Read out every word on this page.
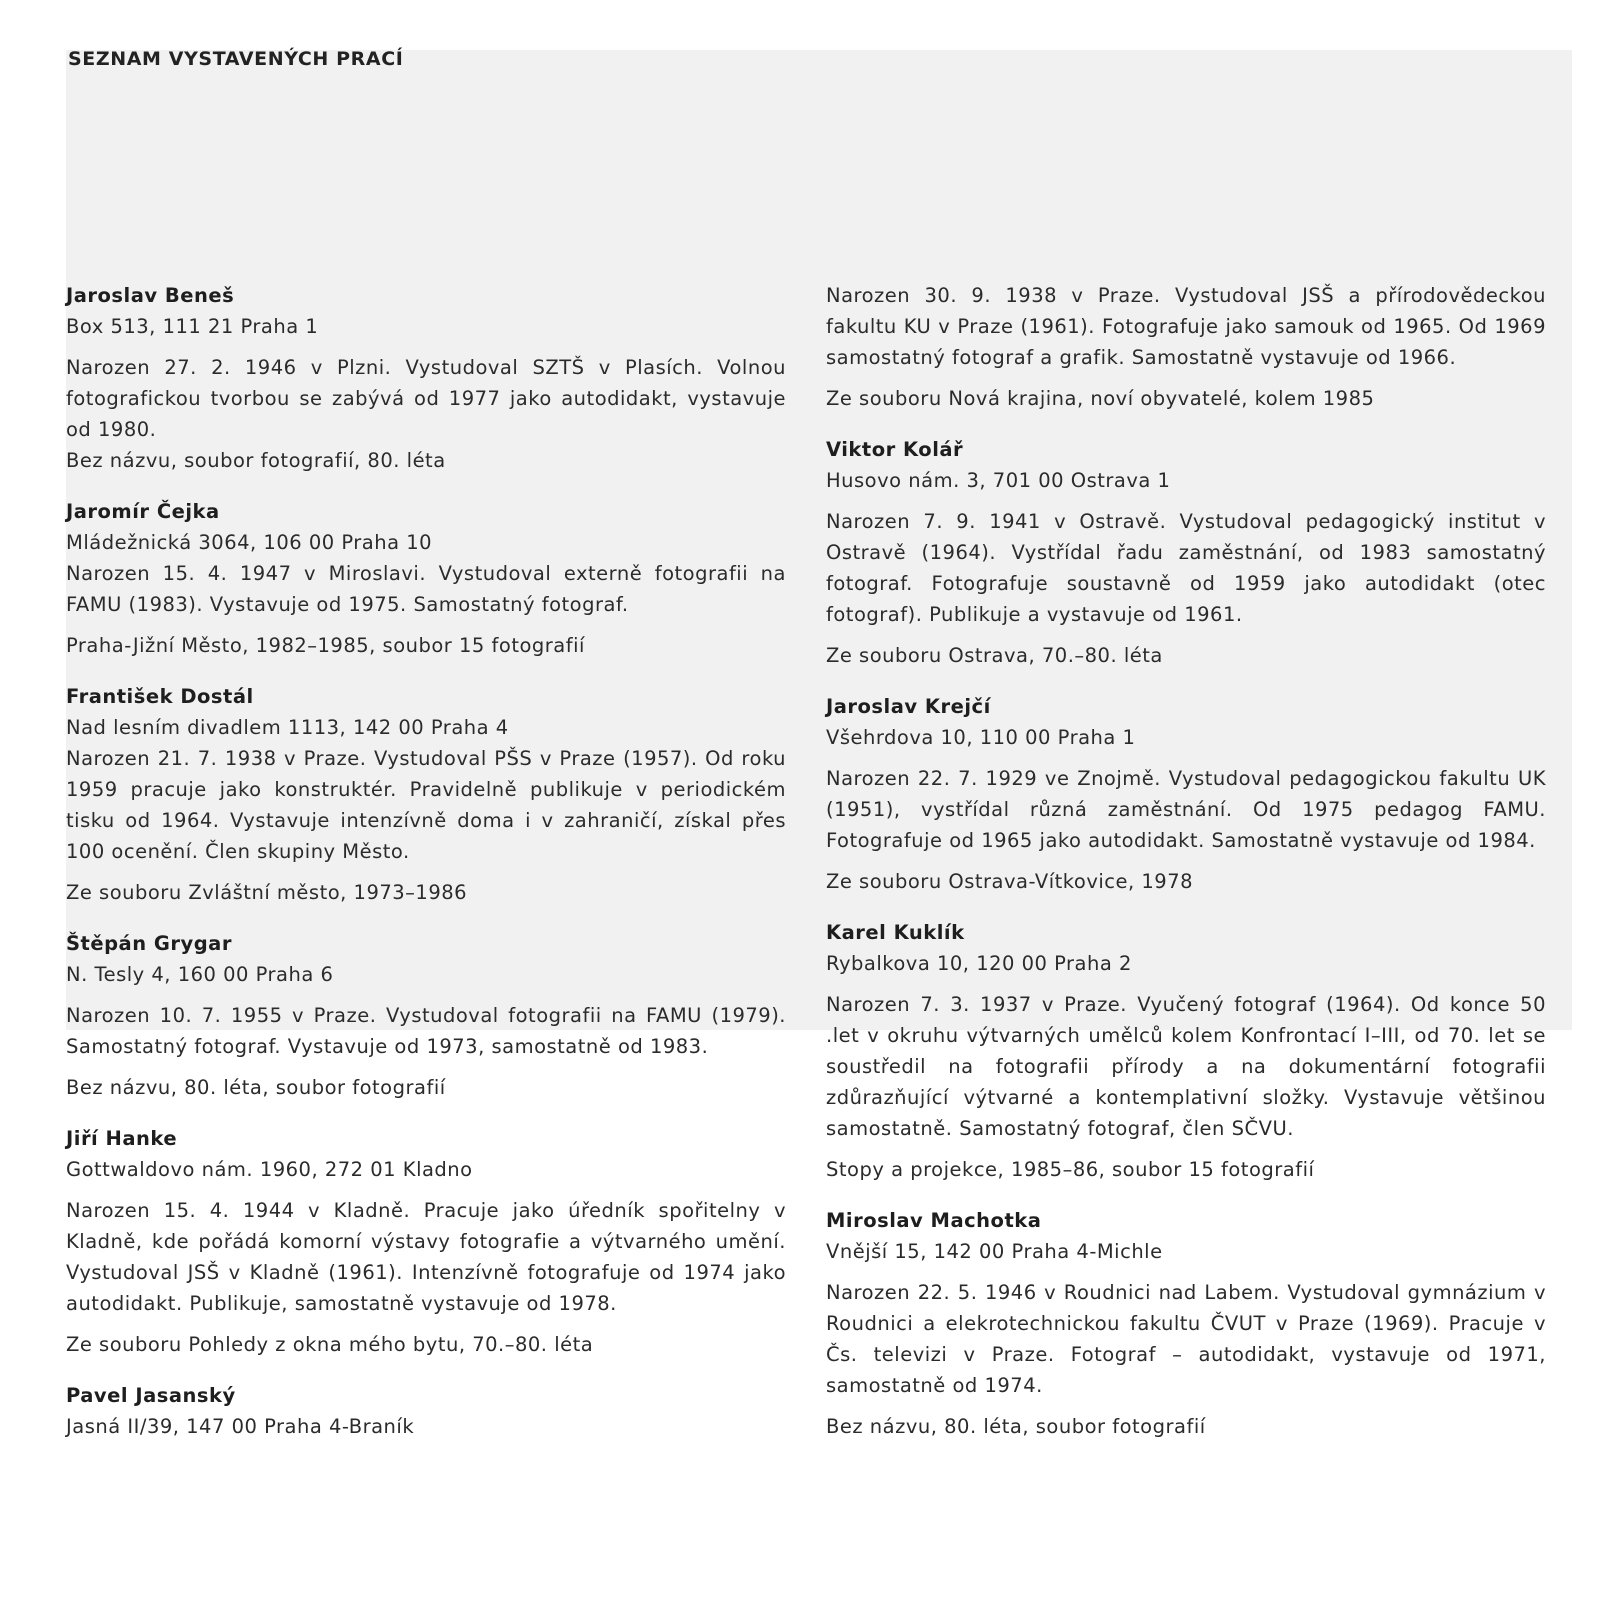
SEZNAM VYSTAVENÝCH PRACÍ

Jaroslav Beneš

Box 513, 111 21 Praha 1

Narozen 27. 2. 1946 v Plzni. Vystudoval SZTŠ v Plasích. Volnou fotografickou tvorbou se zabývá od 1977 jako autodidakt, vystavuje od 1980.

Bez názvu, soubor fotografií, 80. léta

Jaromír Čejka

Mládežnická 3064, 106 00 Praha 10

Narozen 15. 4. 1947 v Miroslavi. Vystudoval externě fotografii na FAMU (1983). Vystavuje od 1975. Samostatný fotograf.

Praha-Jižní Město, 1982–1985, soubor 15 fotografií

František Dostál

Nad lesním divadlem 1113, 142 00 Praha 4

Narozen 21. 7. 1938 v Praze. Vystudoval PŠS v Praze (1957). Od roku 1959 pracuje jako konstruktér. Pravidelně publikuje v periodickém tisku od 1964. Vystavuje intenzívně doma i v zahraničí, získal přes 100 ocenění. Člen skupiny Město.

Ze souboru Zvláštní město, 1973–1986

Štěpán Grygar

N. Tesly 4, 160 00 Praha 6

Narozen 10. 7. 1955 v Praze. Vystudoval fotografii na FAMU (1979). Samostatný fotograf. Vystavuje od 1973, samostatně od 1983.

Bez názvu, 80. léta, soubor fotografií

Jiří Hanke

Gottwaldovo nám. 1960, 272 01 Kladno

Narozen 15. 4. 1944 v Kladně. Pracuje jako úředník spořitelny v Kladně, kde pořádá komorní výstavy fotografie a výtvarného umění. Vystudoval JSŠ v Kladně (1961). Intenzívně fotografuje od 1974 jako autodidakt. Publikuje, samostatně vystavuje od 1978.

Ze souboru Pohledy z okna mého bytu, 70.–80. léta

Pavel Jasanský

Jasná II/39, 147 00 Praha 4-Braník

Narozen 30. 9. 1938 v Praze. Vystudoval JSŠ a přírodovědeckou fakultu KU v Praze (1961). Fotografuje jako samouk od 1965. Od 1969 samostatný fotograf a grafik. Samostatně vystavuje od 1966.

Ze souboru Nová krajina, noví obyvatelé, kolem 1985

Viktor Kolář

Husovo nám. 3, 701 00 Ostrava 1

Narozen 7. 9. 1941 v Ostravě. Vystudoval pedagogický institut v Ostravě (1964). Vystřídal řadu zaměstnání, od 1983 samostatný fotograf. Fotografuje soustavně od 1959 jako autodidakt (otec fotograf). Publikuje a vystavuje od 1961.

Ze souboru Ostrava, 70.–80. léta

Jaroslav Krejčí

Všehrdova 10, 110 00 Praha 1

Narozen 22. 7. 1929 ve Znojmě. Vystudoval pedagogickou fakultu UK (1951), vystřídal různá zaměstnání. Od 1975 pedagog FAMU. Fotografuje od 1965 jako autodidakt. Samostatně vystavuje od 1984.

Ze souboru Ostrava-Vítkovice, 1978

Karel Kuklík

Rybalkova 10, 120 00 Praha 2

Narozen 7. 3. 1937 v Praze. Vyučený fotograf (1964). Od konce 50 .let v okruhu výtvarných umělců kolem Konfrontací I–III, od 70. let se soustředil na fotografii přírody a na dokumentární fotografii zdůrazňující výtvarné a kontemplativní složky. Vystavuje většinou samostatně. Samostatný fotograf, člen SČVU.

Stopy a projekce, 1985–86, soubor 15 fotografií

Miroslav Machotka

Vnější 15, 142 00 Praha 4-Michle

Narozen 22. 5. 1946 v Roudnici nad Labem. Vystudoval gymnázium v Roudnici a elekrotechnickou fakultu ČVUT v Praze (1969). Pracuje v Čs. televizi v Praze. Fotograf – autodidakt, vystavuje od 1971, samostatně od 1974.

Bez názvu, 80. léta, soubor fotografií
